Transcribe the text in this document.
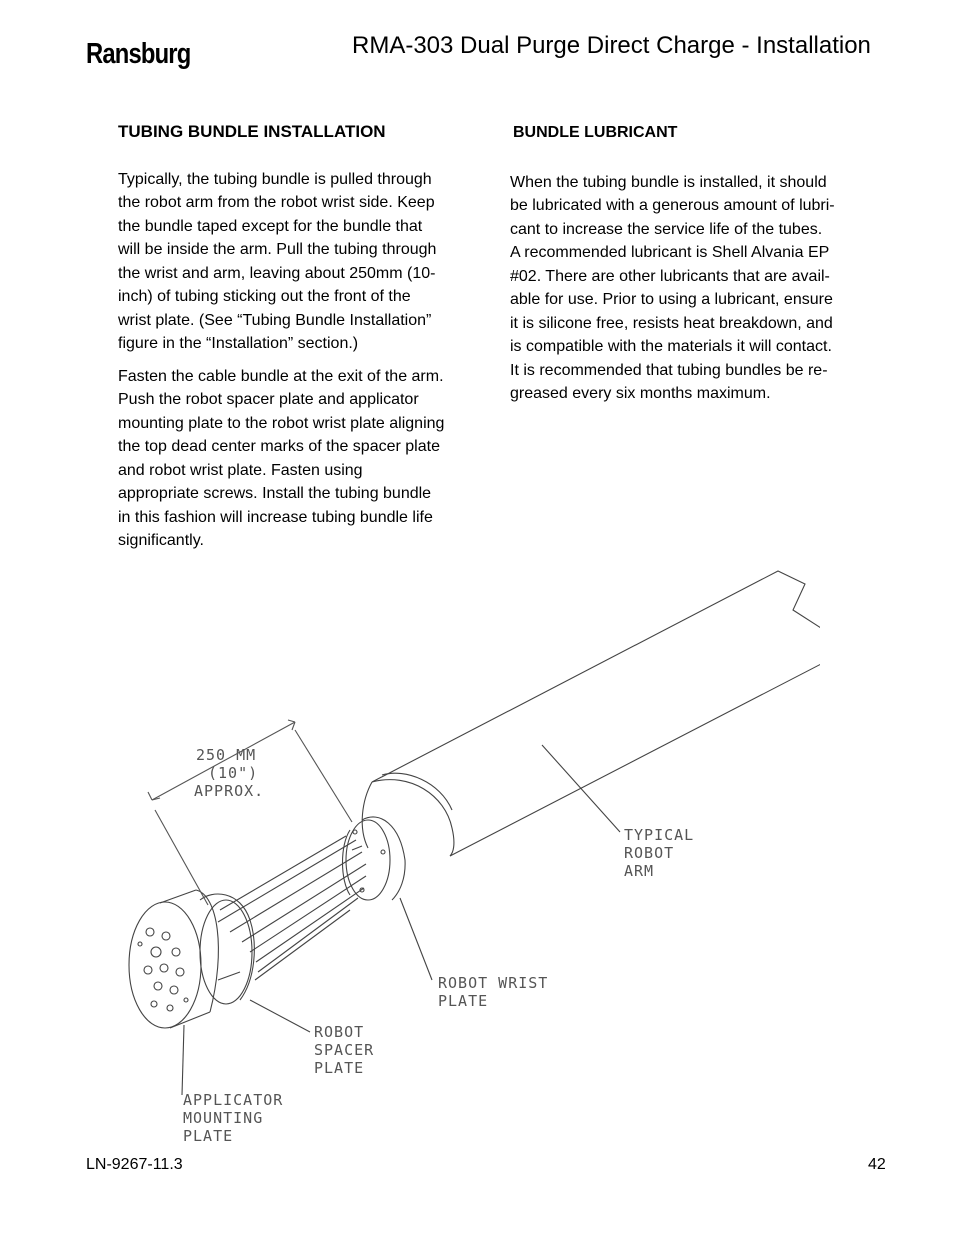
Ransburg	RMA-303 Dual Purge Direct Charge - Installation
TUBING BUNDLE INSTALLATION

Typically, the tubing bundle is pulled through
the robot arm from the robot wrist side. Keep
the bundle taped except for the bundle that
will be inside the arm. Pull the tubing through
the wrist and arm, leaving about 250mm (10-
inch) of tubing sticking out the front of the
wrist plate. (See “Tubing Bundle Installation”
figure in the “Installation” section.)

Fasten the cable bundle at the exit of the arm.
Push the robot spacer plate and applicator
mounting plate to the robot wrist plate aligning
the top dead center marks of the spacer plate
and robot wrist plate. Fasten using
appropriate screws. Install the tubing bundle
in this fashion will increase tubing bundle life
significantly.

BUNDLE LUBRICANT

When the tubing bundle is installed, it should
be lubricated with a generous amount of lubri-
cant to increase the service life of the tubes.
A recommended lubricant is Shell Alvania EP
#02. There are other lubricants that are avail-
able for use. Prior to using a lubricant, ensure
it is silicone free, resists heat breakdown, and
is compatible with the materials it will contact.
It is recommended that tubing bundles be re-
greased every six months maximum.

250 MM
(10")
APPROX.
TYPICAL
ROBOT
ARM
ROBOT WRIST
PLATE
ROBOT
SPACER
PLATE
APPLICATOR
MOUNTING
PLATE
LN-9267-11.3	42
